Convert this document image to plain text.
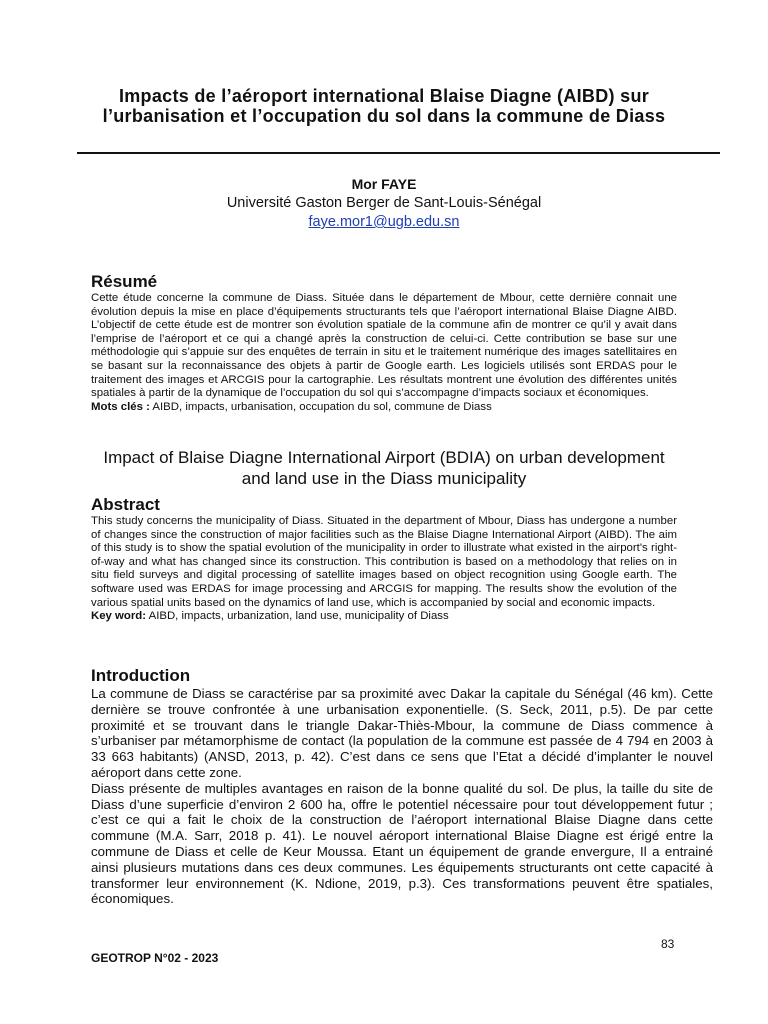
Impacts de l’aéroport international Blaise Diagne (AIBD) sur l’urbanisation et l’occupation du sol dans la commune de Diass
Mor FAYE
Université Gaston Berger de Sant-Louis-Sénégal
faye.mor1@ugb.edu.sn
Résumé
Cette étude concerne la commune de Diass. Située dans le département de Mbour, cette dernière connait une évolution depuis la mise en place d’équipements structurants tels que l’aéroport international Blaise Diagne AIBD. L’objectif de cette étude est de montrer son évolution spatiale de la commune afin de montrer ce qu’il y avait dans l’emprise de l’aéroport et ce qui a changé après la construction de celui-ci. Cette contribution se base sur une méthodologie qui s’appuie sur des enquêtes de terrain in situ et le traitement numérique des images satellitaires en se basant sur la reconnaissance des objets à partir de Google earth. Les logiciels utilisés sont ERDAS pour le traitement des images et ARCGIS pour la cartographie. Les résultats montrent une évolution des différentes unités spatiales à partir de la dynamique de l’occupation du sol qui s’accompagne d’impacts sociaux et économiques.
Mots clés : AIBD, impacts, urbanisation, occupation du sol, commune de Diass
Impact of Blaise Diagne International Airport (BDIA) on urban development and land use in the Diass municipality
Abstract
This study concerns the municipality of Diass. Situated in the department of Mbour, Diass has undergone a number of changes since the construction of major facilities such as the Blaise Diagne International Airport (AIBD). The aim of this study is to show the spatial evolution of the municipality in order to illustrate what existed in the airport's right-of-way and what has changed since its construction. This contribution is based on a methodology that relies on in situ field surveys and digital processing of satellite images based on object recognition using Google earth. The software used was ERDAS for image processing and ARCGIS for mapping. The results show the evolution of the various spatial units based on the dynamics of land use, which is accompanied by social and economic impacts.
Key word: AIBD, impacts, urbanization, land use, municipality of Diass
Introduction

La commune de Diass se caractérise par sa proximité avec Dakar la capitale du Sénégal (46 km). Cette dernière se trouve confrontée à une urbanisation exponentielle. (S. Seck, 2011, p.5). De par cette proximité et se trouvant dans le triangle Dakar-Thiès-Mbour, la commune de Diass commence à s’urbaniser par métamorphisme de contact (la population de la commune est passée de 4 794 en 2003 à 33 663 habitants) (ANSD, 2013, p. 42). C’est dans ce sens que l’Etat a décidé d’implanter le nouvel aéroport dans cette zone.

Diass présente de multiples avantages en raison de la bonne qualité du sol. De plus, la taille du site de Diass d’une superficie d’environ 2 600 ha, offre le potentiel nécessaire pour tout développement futur ; c’est ce qui a fait le choix de la construction de l’aéroport international Blaise Diagne dans cette commune (M.A. Sarr, 2018 p. 41). Le nouvel aéroport international Blaise Diagne est érigé entre la commune de Diass et celle de Keur Moussa. Etant un équipement de grande envergure, Il a entrainé ainsi plusieurs mutations dans ces deux communes. Les équipements structurants ont cette capacité à transformer leur environnement (K. Ndione, 2019, p.3). Ces transformations peuvent être spatiales, économiques.

83
GEOTROP N°02 - 2023
